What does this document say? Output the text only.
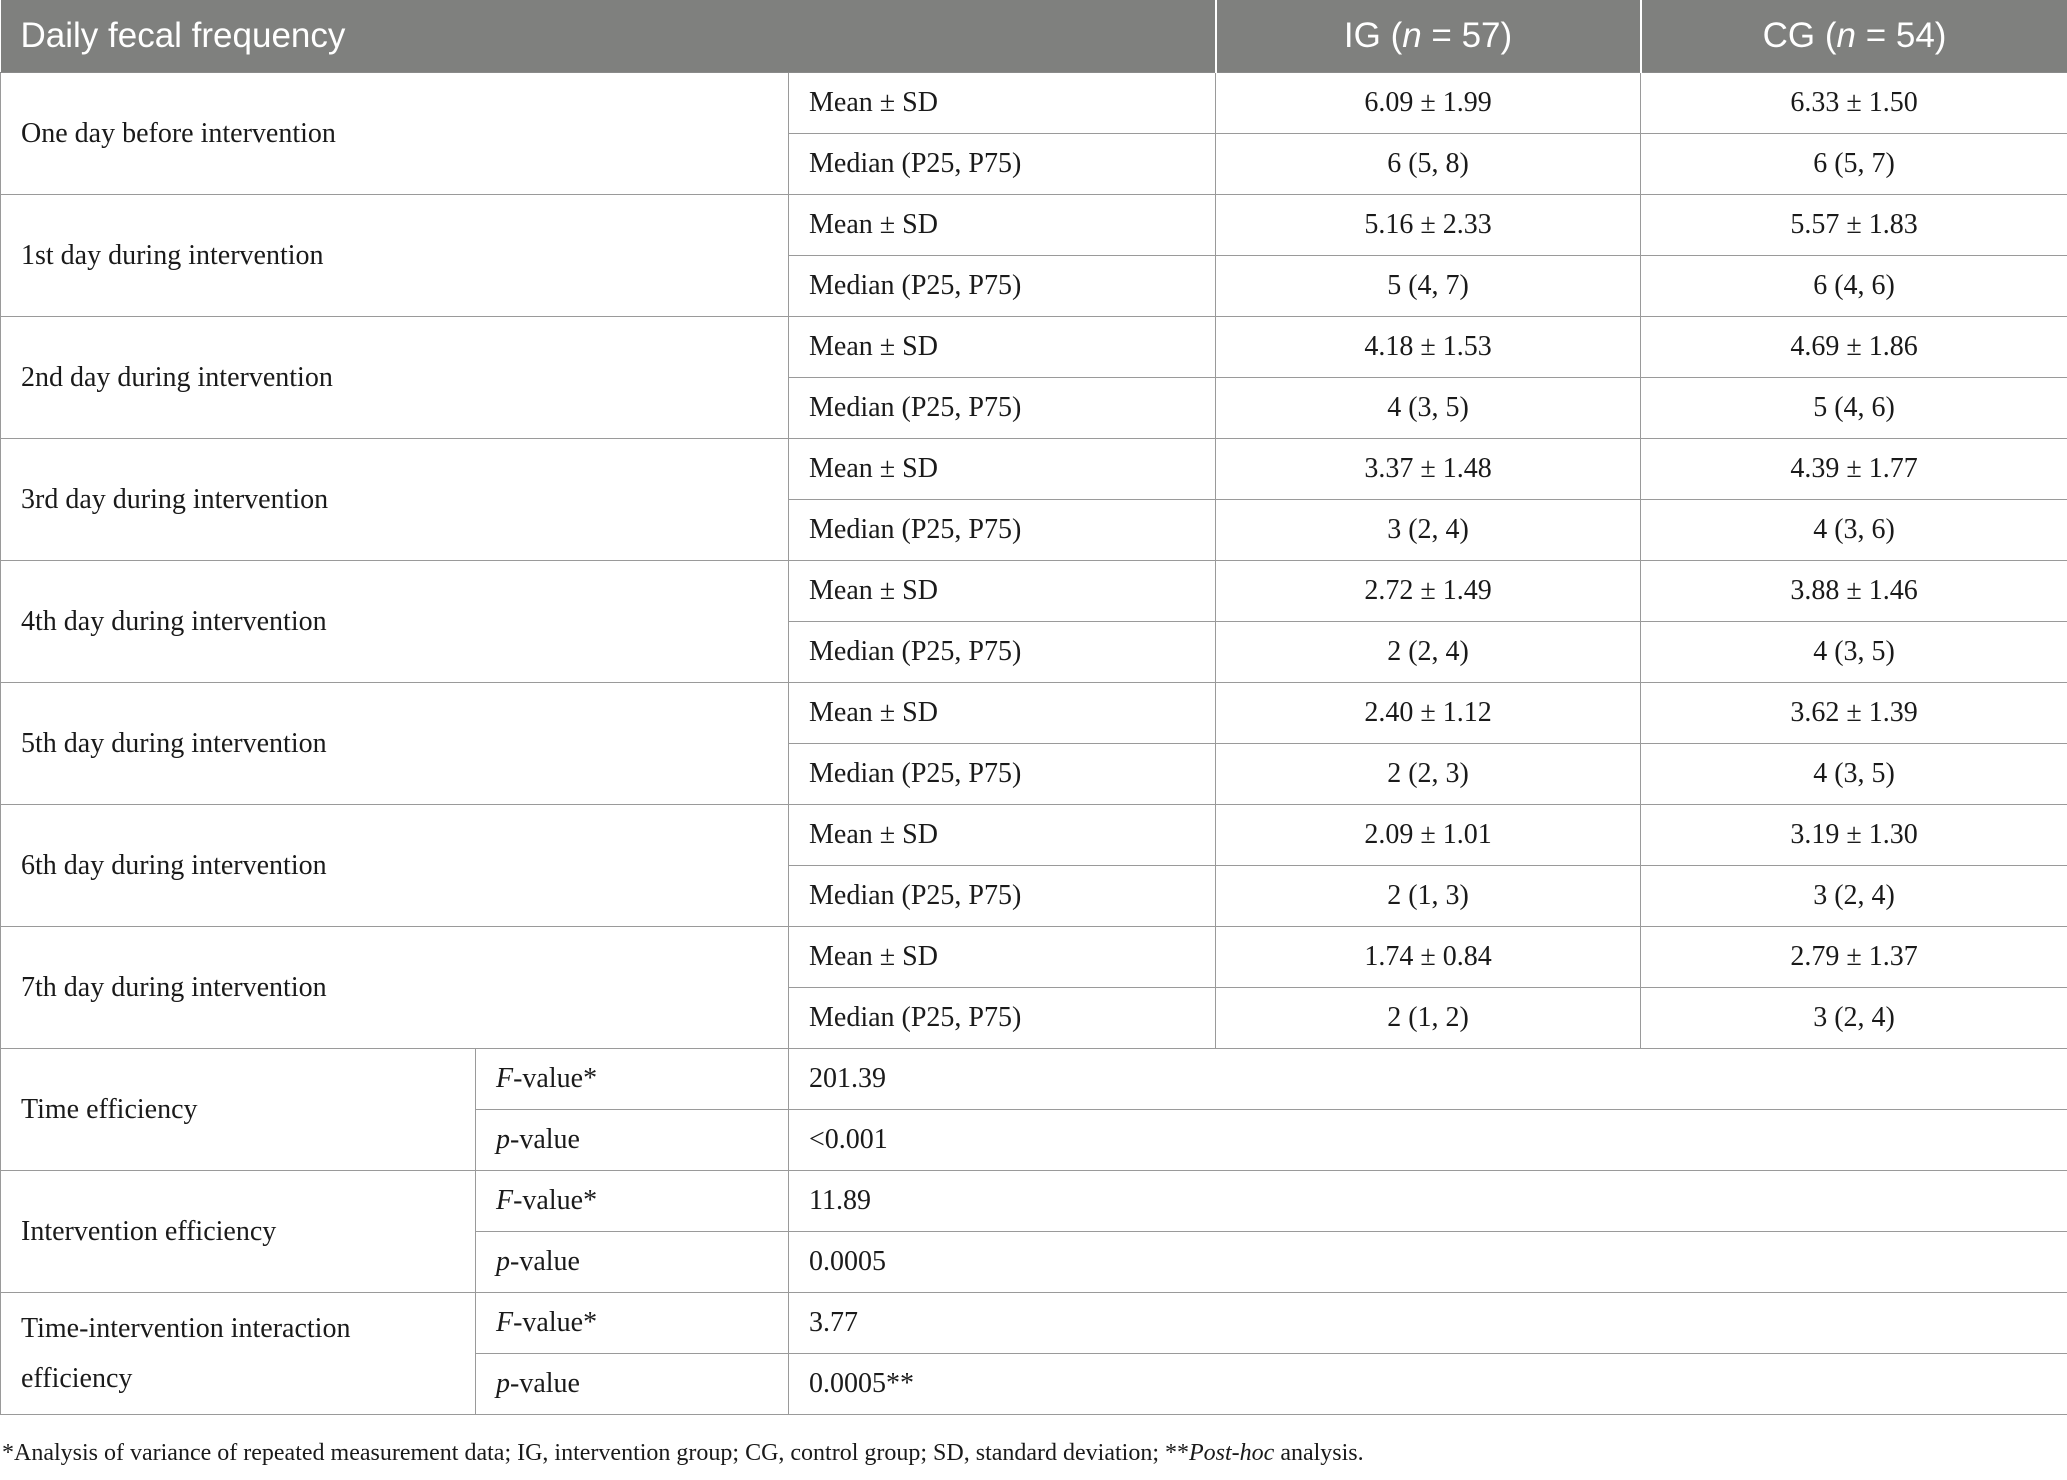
Daily fecal frequency			IG (n = 57)	CG (n = 54)
One day before intervention		Mean ± SD	6.09 ± 1.99	6.33 ± 1.50
		Median (P25, P75)	6 (5, 8)	6 (5, 7)
1st day during intervention		Mean ± SD	5.16 ± 2.33	5.57 ± 1.83
		Median (P25, P75)	5 (4, 7)	6 (4, 6)
2nd day during intervention		Mean ± SD	4.18 ± 1.53	4.69 ± 1.86
		Median (P25, P75)	4 (3, 5)	5 (4, 6)
3rd day during intervention		Mean ± SD	3.37 ± 1.48	4.39 ± 1.77
		Median (P25, P75)	3 (2, 4)	4 (3, 6)
4th day during intervention		Mean ± SD	2.72 ± 1.49	3.88 ± 1.46
		Median (P25, P75)	2 (2, 4)	4 (3, 5)
5th day during intervention		Mean ± SD	2.40 ± 1.12	3.62 ± 1.39
		Median (P25, P75)	2 (2, 3)	4 (3, 5)
6th day during intervention		Mean ± SD	2.09 ± 1.01	3.19 ± 1.30
		Median (P25, P75)	2 (1, 3)	3 (2, 4)
7th day during intervention		Mean ± SD	1.74 ± 0.84	2.79 ± 1.37
		Median (P25, P75)	2 (1, 2)	3 (2, 4)
Time efficiency	F-value*	201.39		
	p-value	<0.001		
Intervention efficiency	F-value*	11.89		
	p-value	0.0005		
Time-intervention interaction efficiency	F-value*	3.77		
	p-value	0.0005**		
*Analysis of variance of repeated measurement data; IG, intervention group; CG, control group; SD, standard deviation; **Post-hoc analysis.
